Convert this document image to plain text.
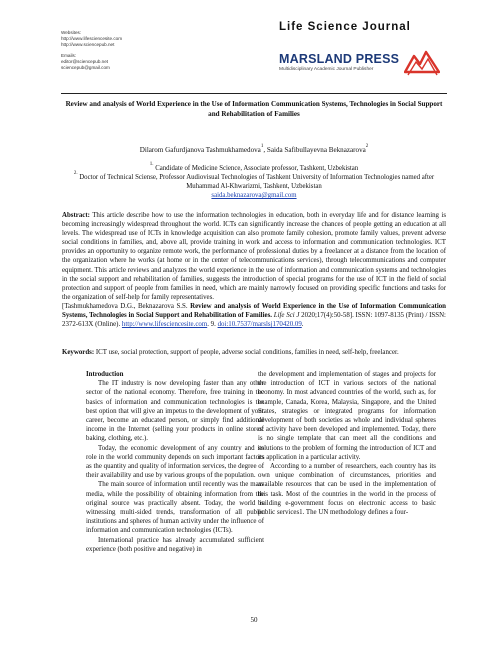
Websites:
http://www.lifesciencesite.com
http://www.sciencepub.net
Emails:
editor@sciencepub.net
sciencepub@gmail.com
Life Science Journal
MARSLAND PRESS
Multidisciplinary Academic Journal Publisher
Review and analysis of World Experience in the Use of Information Communication Systems, Technologies in Social Support and Rehabilitation of Families
Dilarom Gafurdjanova Tashmukhamedova$^1$, Saida Safibullayevna Beknazarova$^2$
$^{1.}$ Candidate of Medicine Science, Associate professor, Tashkent, Uzbekistan
$^{2.}$ Doctor of Technical Sciense, Professor Audiovisual Technologies of Tashkent University of Information Technologies named after Muhammad Al-Khwarizmi, Tashkent, Uzbekistan
saida.beknazarova@gmail.com
Abstract: This article describe how to use the information technologies in education, both in everyday life and for distance learning is becoming increasingly widespread throughout the world. ICTs can significantly increase the chances of people getting an education at all levels. The widespread use of ICTs in knowledge acquisition can also promote family cohesion, promote family values, prevent adverse social conditions in families, and, above all, provide training in work and access to information and communication technologies. ICT provides an opportunity to organize remote work, the performance of professional duties by a freelancer at a distance from the location of the organization where he works (at home or in the center of telecommunications services), through telecommunications and computer equipment. This article reviews and analyzes the world experience in the use of information and communication systems and technologies in the social support and rehabilitation of families, suggests the introduction of special programs for the use of ICT in the field of social protection and support of people from families in need, which are mainly narrowly focused on providing specific functions and tasks for the organization of self-help for family representatives.
[Tashmukhamedova D.G., Beknazarova S.S. Review and analysis of World Experience in the Use of Information Communication Systems, Technologies in Social Support and Rehabilitation of Families. Life Sci J 2020;17(4):50-58]. ISSN: 1097-8135 (Print) / ISSN: 2372-613X (Online). http://www.lifesciencesite.com. 9. doi:10.7537/marslsj170420.09.
Keywords: ICT use, social protection, support of people, adverse social conditions, families in need, self-help, freelancer.
Introduction

The IT industry is now developing faster than any other sector of the national economy. Therefore, free training in the basics of information and communication technologies is the best option that will give an impetus to the development of your career, become an educated person, or simply find additional income in the Internet (selling your products in online stores: baking, clothing, etc.).

Today, the economic development of any country and its role in the world community depends on such important factors as the quantity and quality of information services, the degree of their availability and use by various groups of the population.

The main source of information until recently was the mass media, while the possibility of obtaining information from the original source was practically absent. Today, the world is witnessing multi-sided trends, transformation of all public institutions and spheres of human activity under the influence of information and communication technologies (ICTs).

International practice has already accumulated sufficient experience (both positive and negative) in

the development and implementation of stages and projects for the introduction of ICT in various sectors of the national economy. In most advanced countries of the world, such as, for example, Canada, Korea, Malaysia, Singapore, and the United States, strategies or integrated programs for information development of both societies as whole and individual spheres of activity have been developed and implemented. Today, there is no single template that can meet all the conditions and solutions to the problem of forming the introduction of ICT and its application in a particular activity.

According to a number of researchers, each country has its own unique combination of circumstances, priorities and available resources that can be used in the implementation of this task. Most of the countries in the world in the process of building e-government focus on electronic access to basic public services1. The UN methodology defines a four-

50
